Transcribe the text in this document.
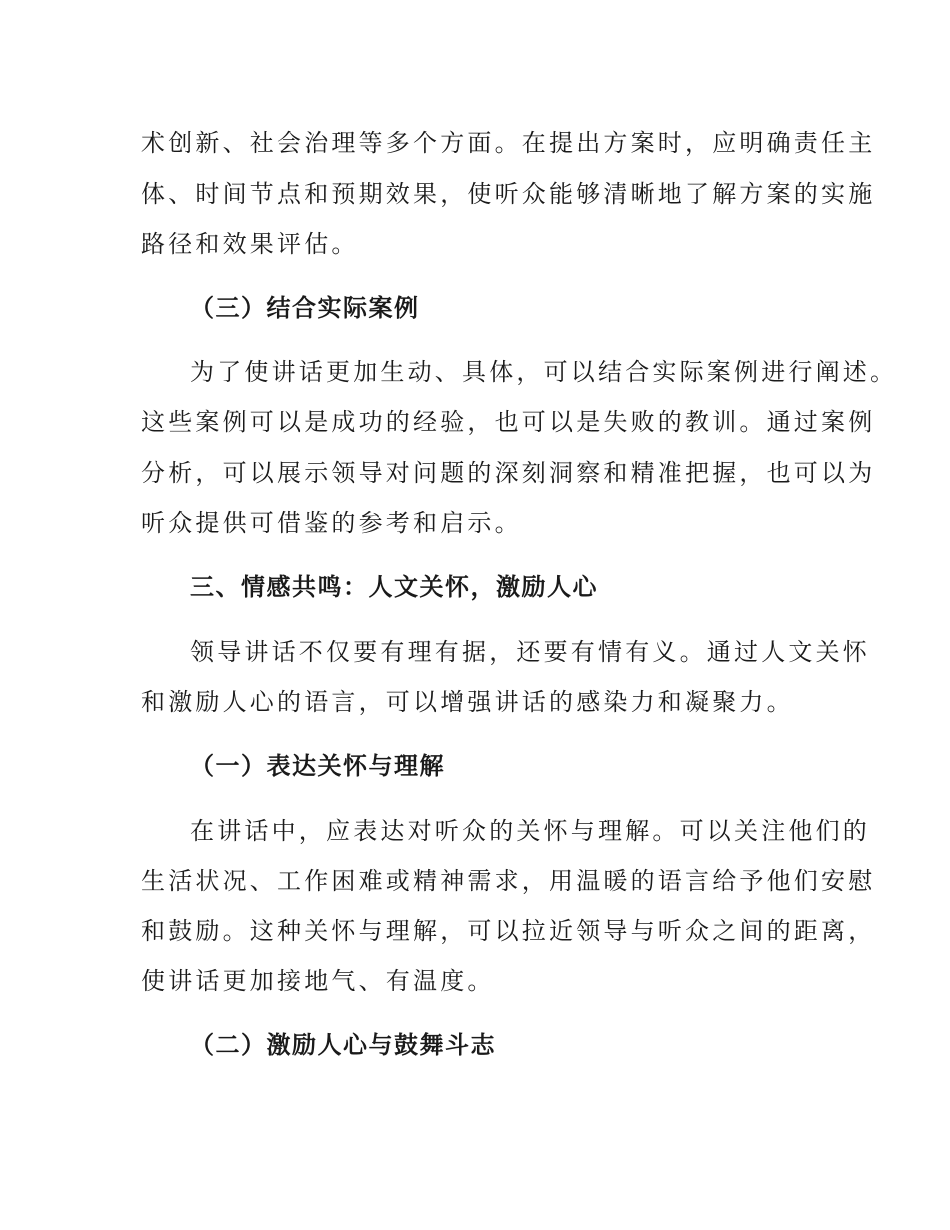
术创新、社会治理等多个方面。在提出方案时，应明确责任主

体、时间节点和预期效果，使听众能够清晰地了解方案的实施

路径和效果评估。

（三）结合实际案例

为了使讲话更加生动、具体，可以结合实际案例进行阐述。

这些案例可以是成功的经验，也可以是失败的教训。通过案例

分析，可以展示领导对问题的深刻洞察和精准把握，也可以为

听众提供可借鉴的参考和启示。

三、情感共鸣：人文关怀，激励人心

领导讲话不仅要有理有据，还要有情有义。通过人文关怀

和激励人心的语言，可以增强讲话的感染力和凝聚力。

（一）表达关怀与理解

在讲话中，应表达对听众的关怀与理解。可以关注他们的

生活状况、工作困难或精神需求，用温暖的语言给予他们安慰

和鼓励。这种关怀与理解，可以拉近领导与听众之间的距离，

使讲话更加接地气、有温度。

（二）激励人心与鼓舞斗志
